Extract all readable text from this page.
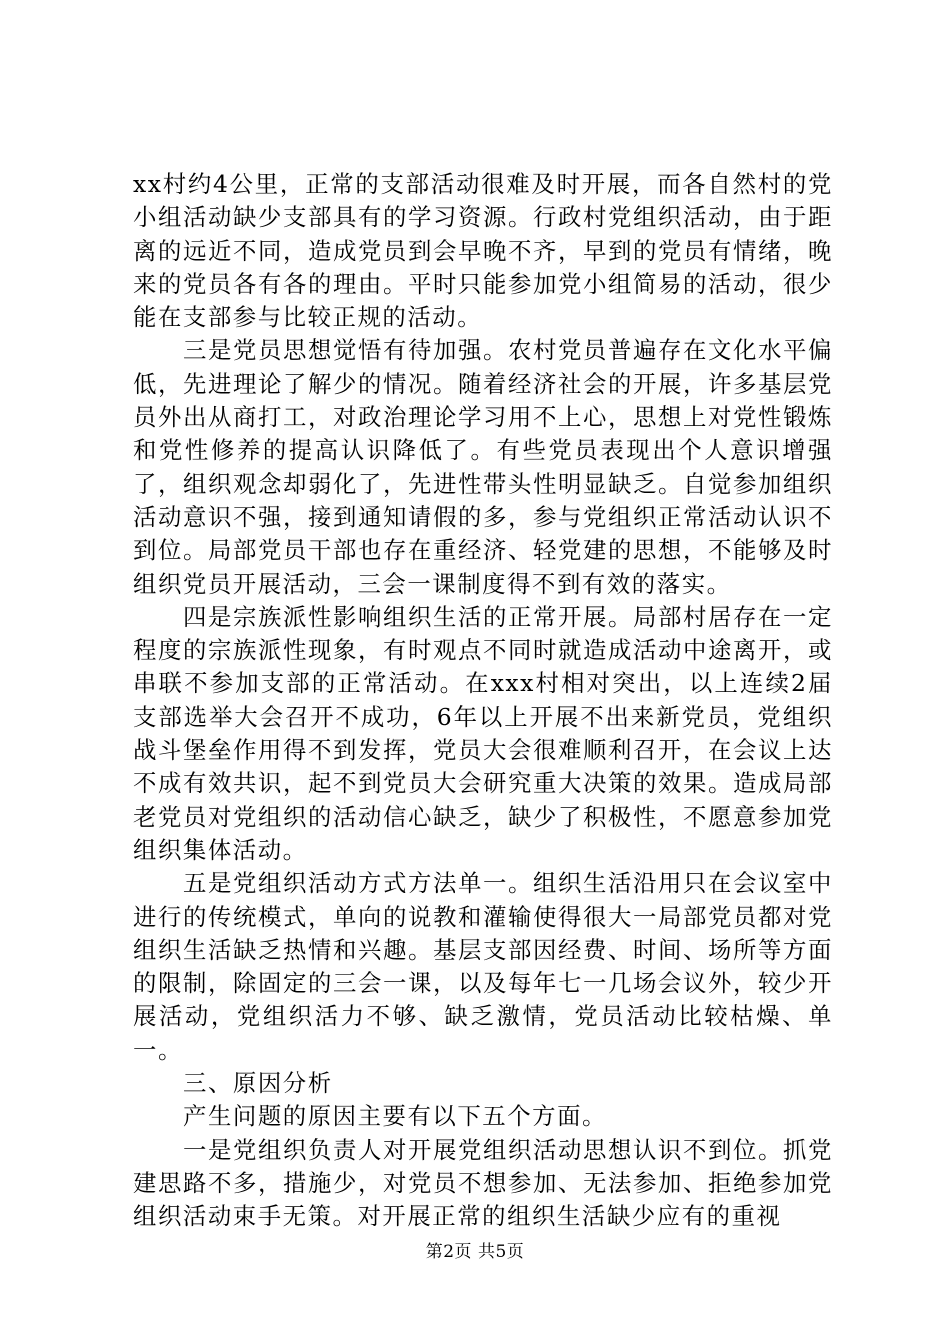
xx村约4公里，正常的支部活动很难及时开展，而各自然村的党小组活动缺少支部具有的学习资源。行政村党组织活动，由于距离的远近不同，造成党员到会早晚不齐，早到的党员有情绪，晚来的党员各有各的理由。平时只能参加党小组简易的活动，很少能在支部参与比较正规的活动。

三是党员思想觉悟有待加强。农村党员普遍存在文化水平偏低，先进理论了解少的情况。随着经济社会的开展，许多基层党员外出从商打工，对政治理论学习用不上心，思想上对党性锻炼和党性修养的提高认识降低了。有些党员表现出个人意识增强了，组织观念却弱化了，先进性带头性明显缺乏。自觉参加组织活动意识不强，接到通知请假的多，参与党组织正常活动认识不到位。局部党员干部也存在重经济、轻党建的思想，不能够及时组织党员开展活动，三会一课制度得不到有效的落实。

四是宗族派性影响组织生活的正常开展。局部村居存在一定程度的宗族派性现象，有时观点不同时就造成活动中途离开，或串联不参加支部的正常活动。在xxx村相对突出，以上连续2届支部选举大会召开不成功，6年以上开展不出来新党员，党组织战斗堡垒作用得不到发挥，党员大会很难顺利召开，在会议上达不成有效共识，起不到党员大会研究重大决策的效果。造成局部老党员对党组织的活动信心缺乏，缺少了积极性，不愿意参加党组织集体活动。

五是党组织活动方式方法单一。组织生活沿用只在会议室中进行的传统模式，单向的说教和灌输使得很大一局部党员都对党组织生活缺乏热情和兴趣。基层支部因经费、时间、场所等方面的限制，除固定的三会一课，以及每年七一几场会议外，较少开展活动，党组织活力不够、缺乏激情，党员活动比较枯燥、单一。

三、原因分析

产生问题的原因主要有以下五个方面。

一是党组织负责人对开展党组织活动思想认识不到位。抓党建思路不多，措施少，对党员不想参加、无法参加、拒绝参加党组织活动束手无策。对开展正常的组织生活缺少应有的重视

第2页 共5页
